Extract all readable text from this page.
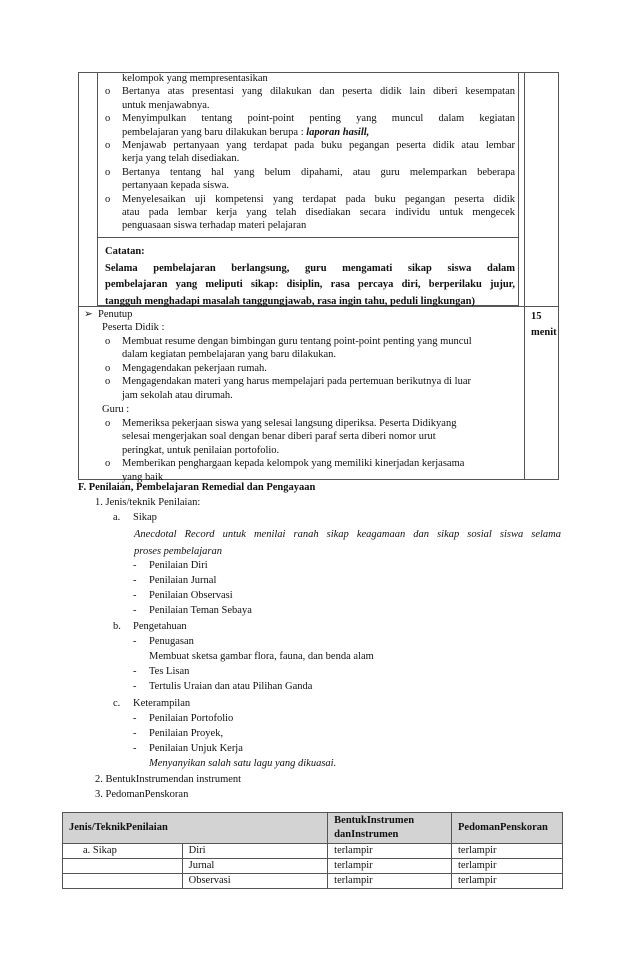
kelompok yang mempresentasikan
o Bertanya atas presentasi yang dilakukan dan peserta didik lain diberi kesempatan
untuk menjawabnya.
o Menyimpulkan tentang point-point penting yang muncul dalam kegiatan
pembelajaran yang baru dilakukan berupa : laporan hasill,
o Menjawab pertanyaan yang terdapat pada buku pegangan peserta didik atau lembar
kerja yang telah disediakan.
o Bertanya tentang hal yang belum dipahami, atau guru melemparkan beberapa
pertanyaan kepada siswa.
o Menyelesaikan uji kompetensi yang terdapat pada buku pegangan peserta didik
atau pada lembar kerja yang telah disediakan secara individu untuk mengecek
penguasaan siswa terhadap materi pelajaran
Catatan:
Selama pembelajaran berlangsung, guru mengamati sikap siswa dalam
pembelajaran yang meliputi sikap: disiplin, rasa percaya diri, berperilaku jujur,
tangguh menghadapi masalah tanggungjawab, rasa ingin tahu, peduli lingkungan)
➢ Penutup
Peserta Didik :
o Membuat resume dengan bimbingan guru tentang point-point penting yang muncul
dalam kegiatan pembelajaran yang baru dilakukan.
o Mengagendakan pekerjaan rumah.
o Mengagendakan materi yang harus mempelajari pada pertemuan berikutnya di luar
jam sekolah atau dirumah.
Guru :
o Memeriksa pekerjaan siswa yang selesai langsung diperiksa. Peserta Didikyang
selesai mengerjakan soal dengan benar diberi paraf serta diberi nomor urut
peringkat, untuk penilaian portofolio.
o Memberikan penghargaan kepada kelompok yang memiliki kinerjadan kerjasama
yang baik
15
menit
F. Penilaian, Pembelajaran Remedial dan Pengayaan
1. Jenis/teknik Penilaian:
a. Sikap
Anecdotal Record untuk menilai ranah sikap keagamaan dan sikap sosial siswa selama
proses pembelajaran
- Penilaian Diri
- Penilaian Jurnal
- Penilaian Observasi
- Penilaian Teman Sebaya
b. Pengetahuan
- Penugasan
Membuat sketsa gambar flora, fauna, dan benda alam
- Tes Lisan
- Tertulis Uraian dan atau Pilihan Ganda
c. Keterampilan
- Penilaian Portofolio
- Penilaian Proyek,
- Penilaian Unjuk Kerja
Menyanyikan salah satu lagu yang dikuasai.
2. BentukInstrumendan instrument
3. PedomanPenskoran
Jenis/TeknikPenilaian		BentukInstrumen
danInstrumen	PedomanPenskoran
a. Sikap	Diri	terlampir	terlampir
	Jurnal	terlampir	terlampir
	Observasi	terlampir	terlampir
